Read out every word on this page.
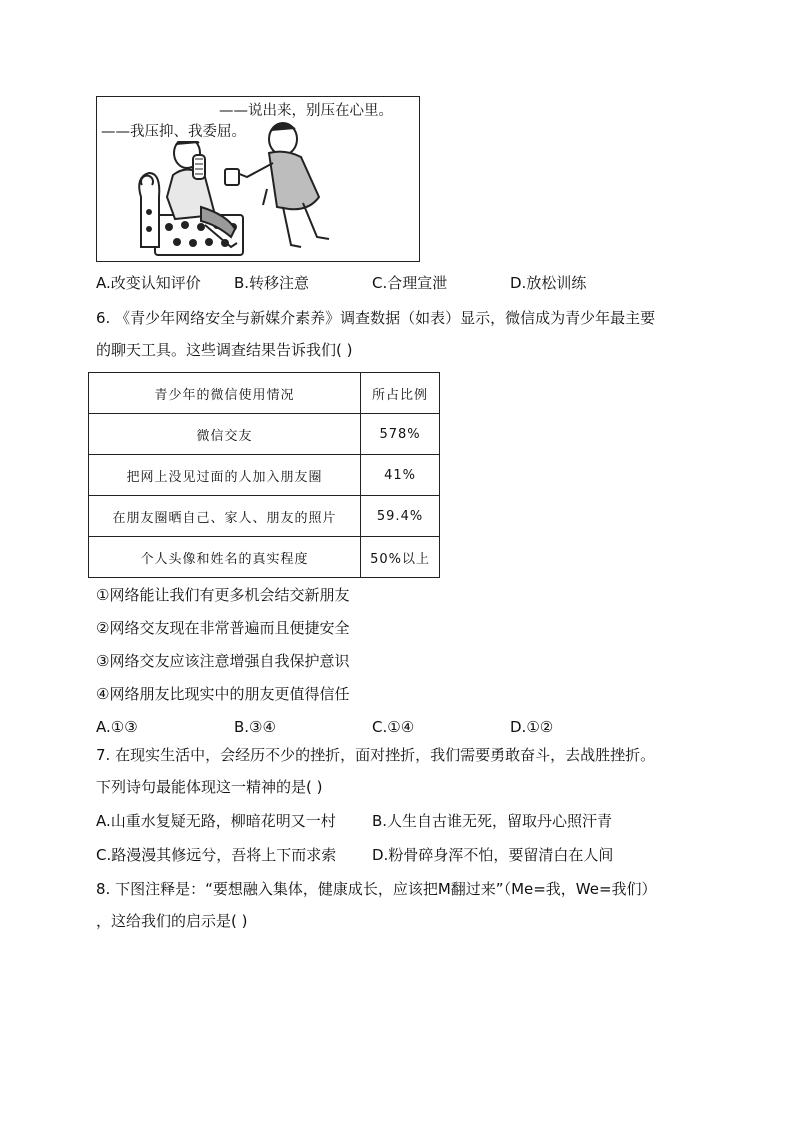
——说出来，别压在心里。
——我压抑、我委屈。
A.改变认知评价 B.转移注意	C.合理宣泄	D.放松训练
6. 《青少年网络安全与新媒介素养》调查数据（如表）显示，微信成为青少年最主要
的聊天工具。这些调查结果告诉我们( )
青少年的微信使用情况	所占比例
微信交友	578%
把网上没见过面的人加入朋友圈	41%
在朋友圈晒自己、家人、朋友的照片	59.4%
个人头像和姓名的真实程度	50%以上
①网络能让我们有更多机会结交新朋友
②网络交友现在非常普遍而且便捷安全
③网络交友应该注意增强自我保护意识
④网络朋友比现实中的朋友更值得信任
A.①③	B.③④	C.①④	D.①②
7. 在现实生活中，会经历不少的挫折，面对挫折，我们需要勇敢奋斗，去战胜挫折。
下列诗句最能体现这一精神的是( )
A.山重水复疑无路，柳暗花明又一村 B.人生自古谁无死，留取丹心照汗青
C.路漫漫其修远兮，吾将上下而求索 D.粉骨碎身浑不怕，要留清白在人间
8. 下图注释是：“要想融入集体，健康成长，应该把M翻过来”（Me=我，We=我们）
，这给我们的启示是( )
